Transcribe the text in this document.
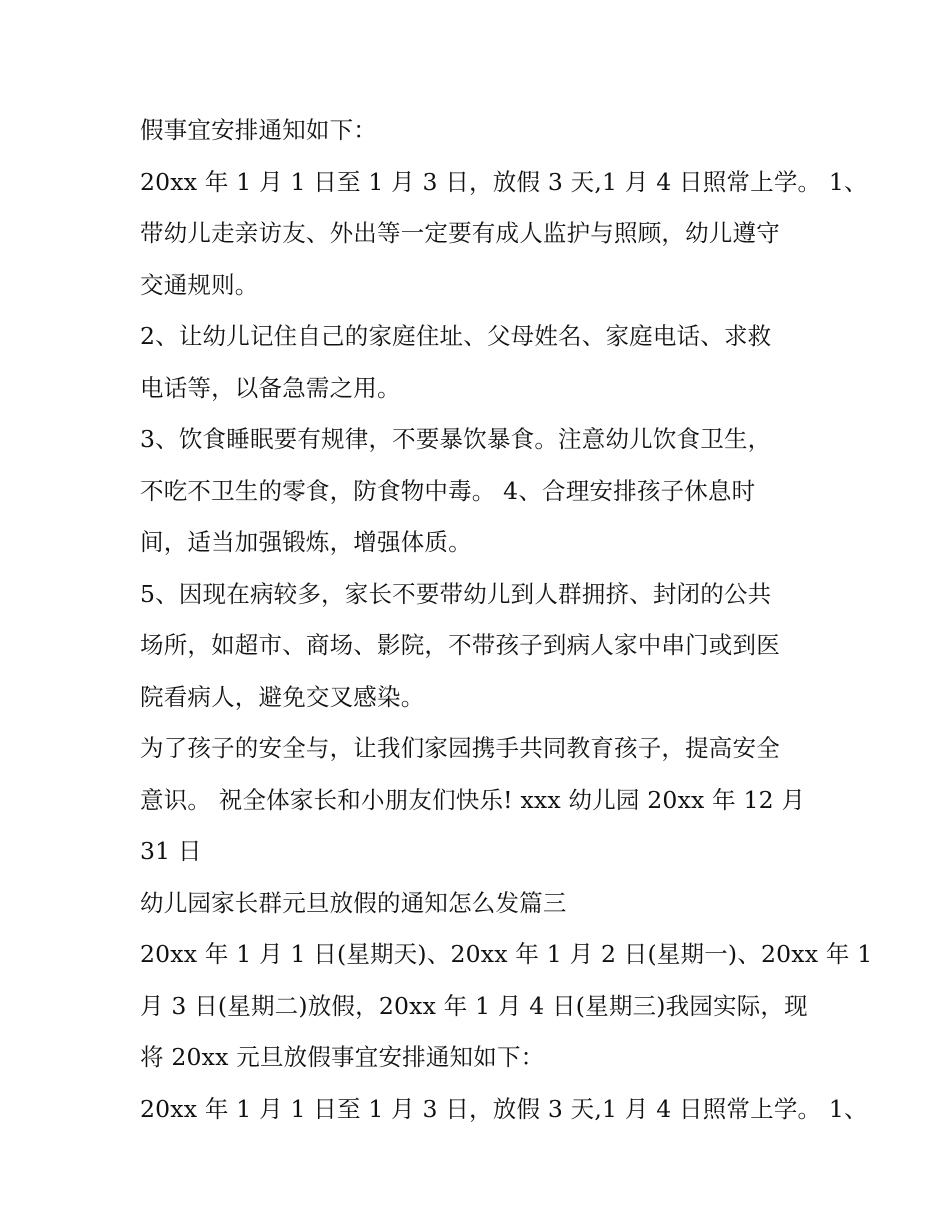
假事宜安排通知如下：
20xx 年 1 月 1 日至 1 月 3 日，放假 3 天,1 月 4 日照常上学。 1、
带幼儿走亲访友、外出等一定要有成人监护与照顾，幼儿遵守
交通规则。
2、让幼儿记住自己的家庭住址、父母姓名、家庭电话、求救
电话等，以备急需之用。
3、饮食睡眠要有规律，不要暴饮暴食。注意幼儿饮食卫生，
不吃不卫生的零食，防食物中毒。 4、合理安排孩子休息时
间，适当加强锻炼，增强体质。
5、因现在病较多，家长不要带幼儿到人群拥挤、封闭的公共
场所，如超市、商场、影院，不带孩子到病人家中串门或到医
院看病人，避免交叉感染。
为了孩子的安全与，让我们家园携手共同教育孩子，提高安全
意识。 祝全体家长和小朋友们快乐! xxx 幼儿园 20xx 年 12 月
31 日
幼儿园家长群元旦放假的通知怎么发篇三
20xx 年 1 月 1 日(星期天)、20xx 年 1 月 2 日(星期一)、20xx 年 1
月 3 日(星期二)放假，20xx 年 1 月 4 日(星期三)我园实际，现
将 20xx 元旦放假事宜安排通知如下：
20xx 年 1 月 1 日至 1 月 3 日，放假 3 天,1 月 4 日照常上学。 1、
